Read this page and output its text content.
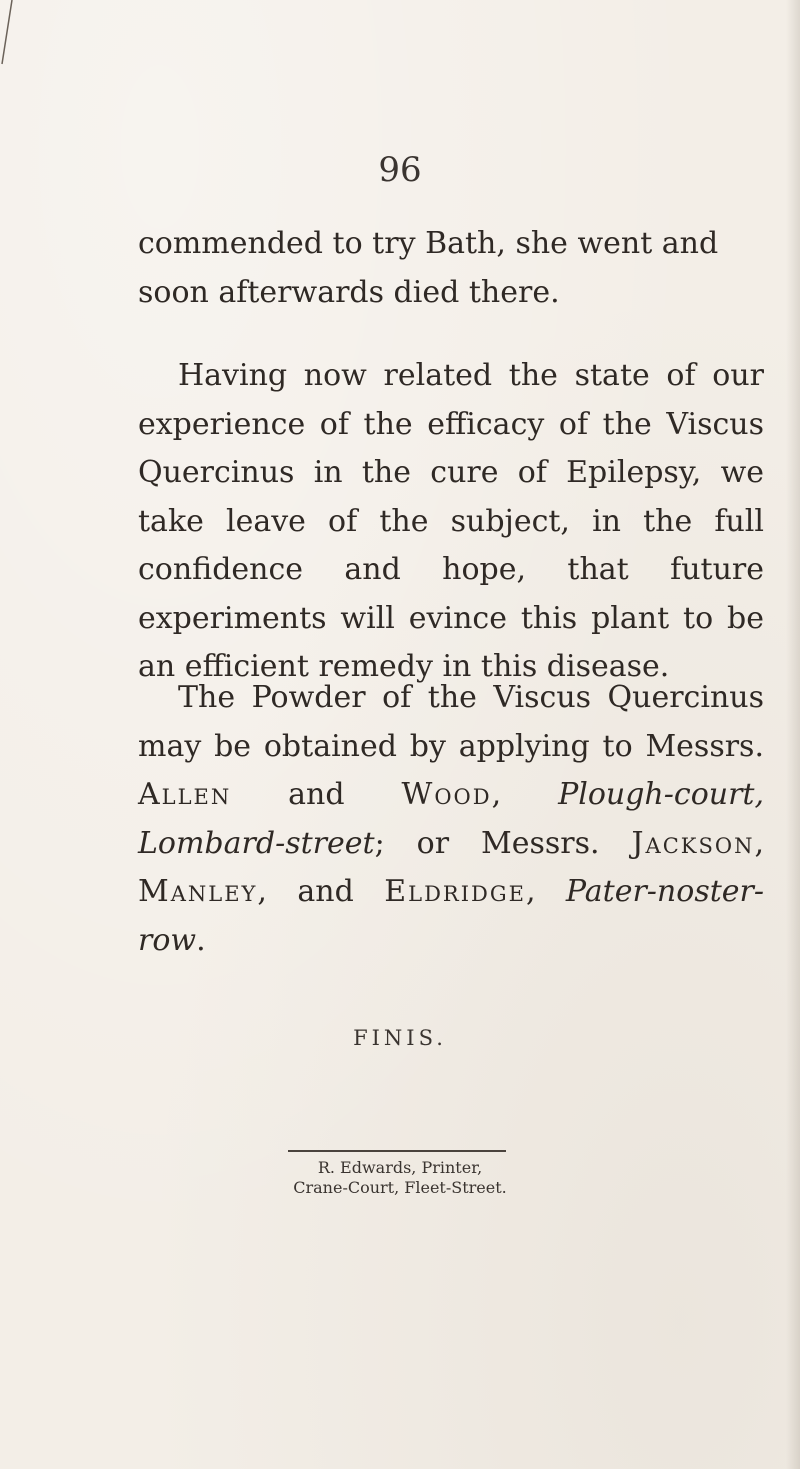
96

commended to try Bath, she went and soon afterwards died there.

Having now related the state of our experience of the efficacy of the Viscus Quercinus in the cure of Epilepsy, we take leave of the subject, in the full confidence and hope, that future experiments will evince this plant to be an efficient remedy in this disease.

The Powder of the Viscus Quercinus may be obtained by applying to Messrs. Allen and Wood, Plough-court, Lombard-street; or Messrs. Jackson, Manley, and Eldridge, Pater-noster-row.

FINIS.
R. Edwards, Printer,
Crane-Court, Fleet-Street.
